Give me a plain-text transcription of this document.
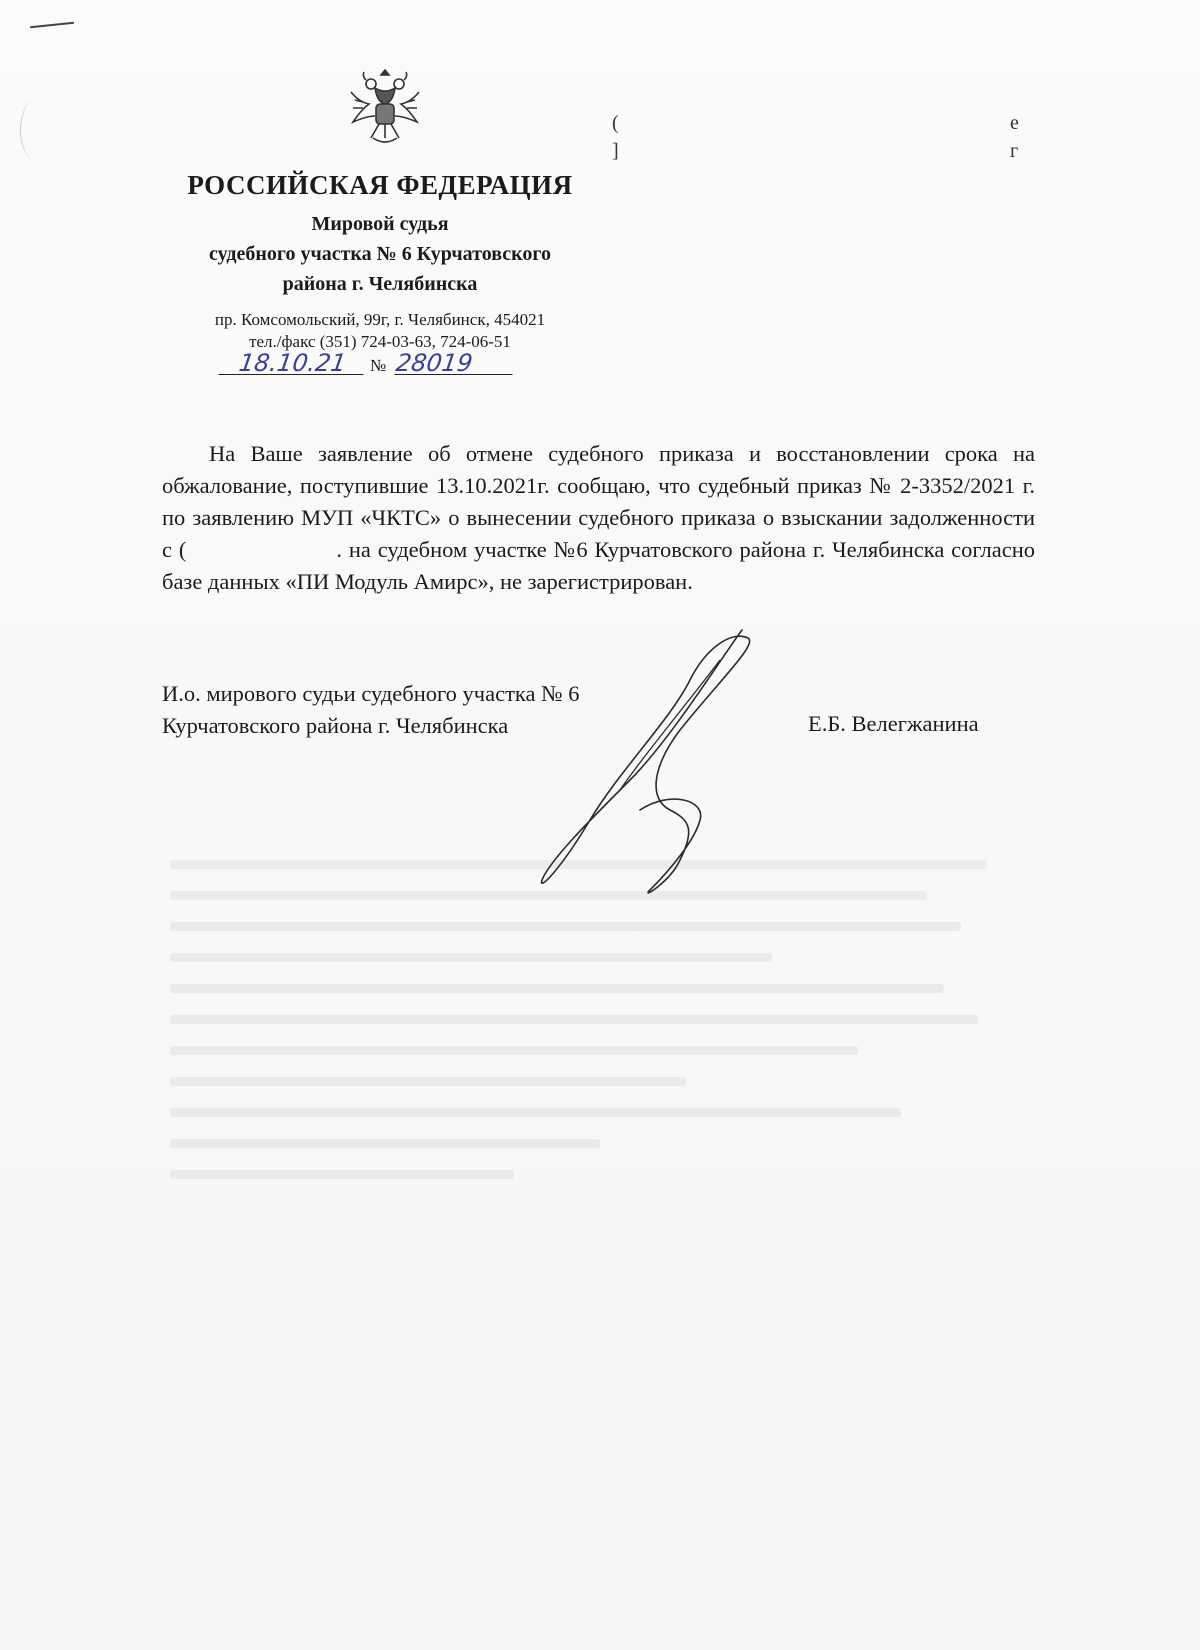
РОССИЙСКАЯ ФЕДЕРАЦИЯ
Мировой судья
судебного участка № 6 Курчатовского
района г. Челябинска
пр. Комсомольский, 99г, г. Челябинск, 454021
тел./факс (351) 724-03-63, 724-06-51
18.10.21	№ 28019
(	е
]	г
На Ваше заявление об отмене судебного приказа и восстановлении срока на обжалование, поступившие 13.10.2021г. сообщаю, что судебный приказ № 2-3352/2021 г. по заявлению МУП «ЧКТС» о вынесении судебного приказа о взыскании задолженности с (	. на судебном участке №6 Курчатовского района г. Челябинска согласно базе данных «ПИ Модуль Амирс», не зарегистрирован.
И.о. мирового судьи судебного участка № 6
Курчатовского района г. Челябинска	Е.Б. Велегжанина
